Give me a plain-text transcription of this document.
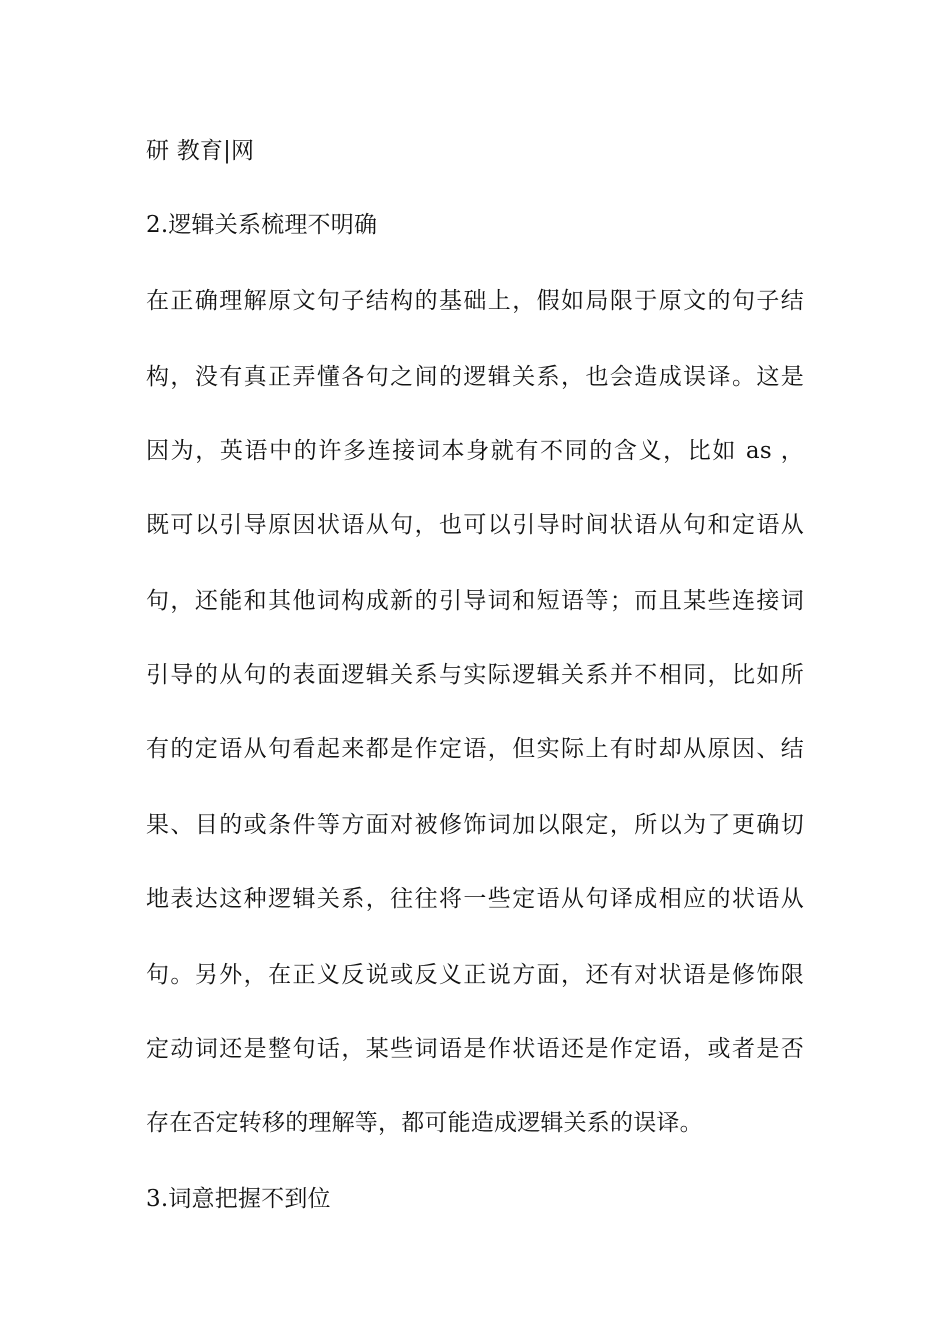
研 教育|网
2.逻辑关系梳理不明确
在正确理解原文句子结构的基础上，假如局限于原文的句子结
构，没有真正弄懂各句之间的逻辑关系，也会造成误译。这是
因为，英语中的许多连接词本身就有不同的含义，比如 as ，
既可以引导原因状语从句，也可以引导时间状语从句和定语从
句，还能和其他词构成新的引导词和短语等；而且某些连接词
引导的从句的表面逻辑关系与实际逻辑关系并不相同，比如所
有的定语从句看起来都是作定语，但实际上有时却从原因、结
果、目的或条件等方面对被修饰词加以限定，所以为了更确切
地表达这种逻辑关系，往往将一些定语从句译成相应的状语从
句。另外，在正义反说或反义正说方面，还有对状语是修饰限
定动词还是整句话，某些词语是作状语还是作定语，或者是否
存在否定转移的理解等，都可能造成逻辑关系的误译。
3.词意把握不到位
